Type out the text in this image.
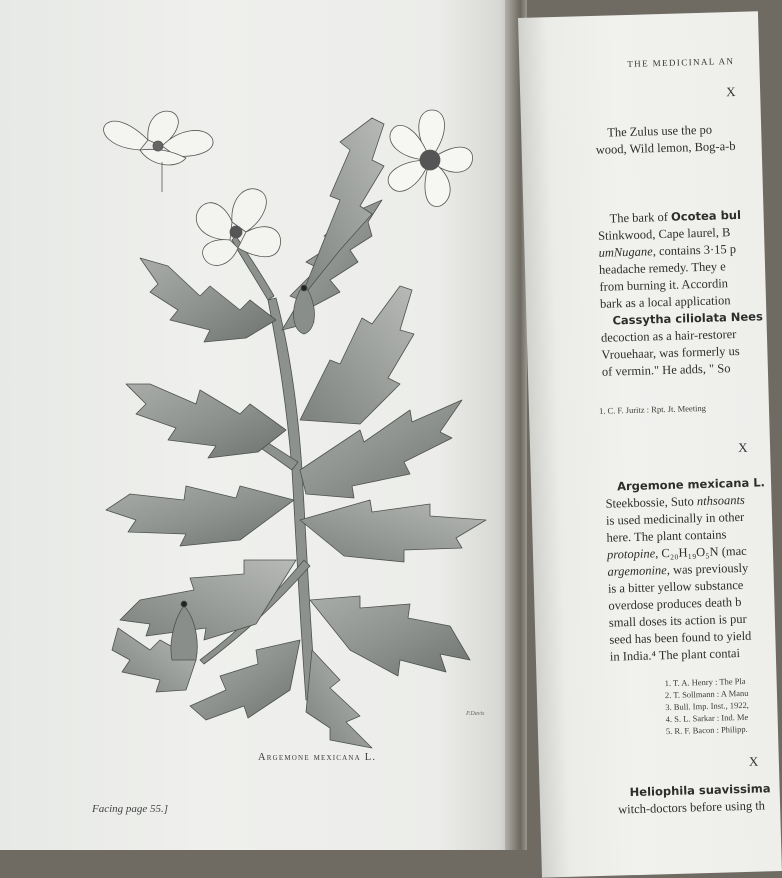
P.Davis
Argemone mexicana L.
Facing page 55.]
THE MEDICINAL AN
X
The Zulus use the po
wood, Wild lemon, Bog-a-b
The bark of Ocotea bul
Stinkwood, Cape laurel, B
umNugane, contains 3·15 p
headache remedy. They e
from burning it. Accordin
bark as a local application
Cassytha ciliolata Nees
decoction as a hair-restorer
Vrouehaar, was formerly us
of vermin." He adds, " So
1. C. F. Juritz : Rpt. Jt. Meeting
X
Argemone mexicana L.
Steekbossie, Suto nthsoants
is used medicinally in other
here. The plant contains
protopine, C₂₀H₁₉O₅N (mac
argemonine, was previously
is a bitter yellow substance
overdose produces death b
small doses its action is pur
seed has been found to yield
in India.⁴ The plant contai
1. T. A. Henry : The Pla
2. T. Sollmann : A Manu
3. Bull. Imp. Inst., 1922,
4. S. L. Sarkar : Ind. Me
5. R. F. Bacon : Philipp.
X
Heliophila suavissima
witch-doctors before using th
